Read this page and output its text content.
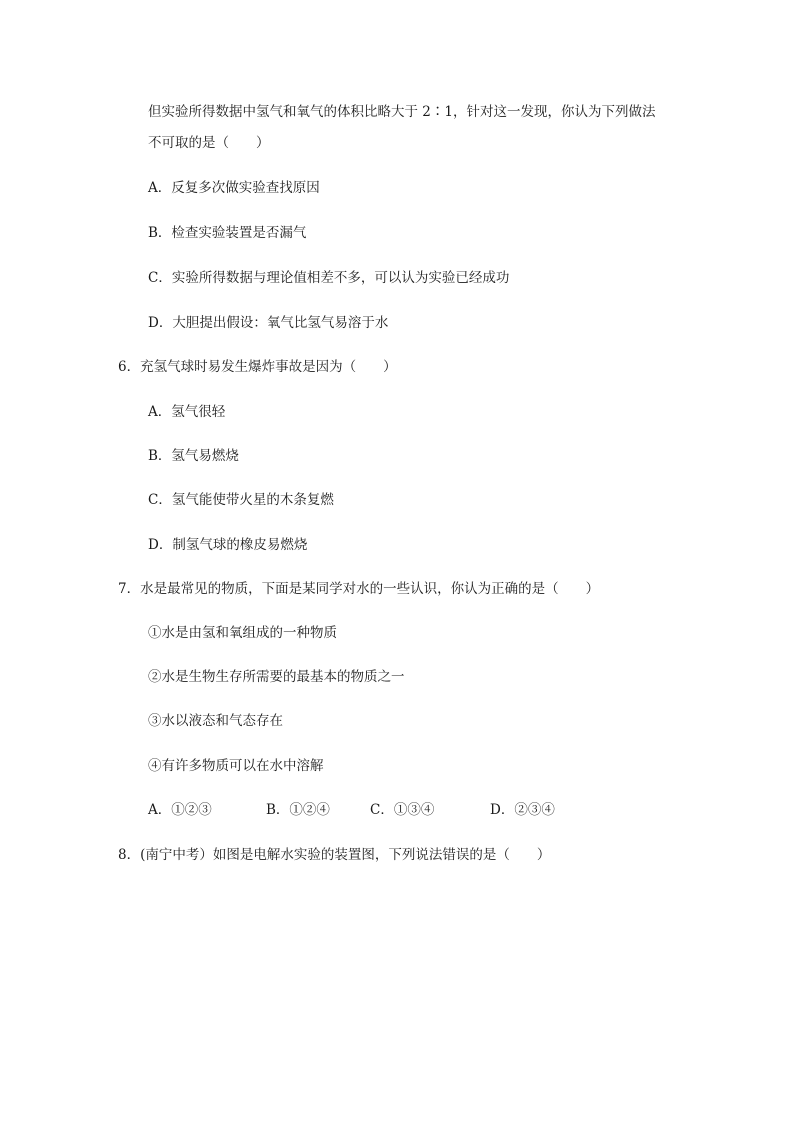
但实验所得数据中氢气和氧气的体积比略大于 2∶1，针对这一发现，你认为下列做法
不可取的是（　　）
A．反复多次做实验查找原因
B．检查实验装置是否漏气
C．实验所得数据与理论值相差不多，可以认为实验已经成功
D．大胆提出假设：氧气比氢气易溶于水
6．充氢气球时易发生爆炸事故是因为（　　）
A．氢气很轻
B．氢气易燃烧
C．氢气能使带火星的木条复燃
D．制氢气球的橡皮易燃烧
7．水是最常见的物质，下面是某同学对水的一些认识，你认为正确的是（　　）
①水是由氢和氧组成的一种物质
②水是生物生存所需要的最基本的物质之一
③水以液态和气态存在
④有许多物质可以在水中溶解
A．①②③	B．①②④	C．①③④	D．②③④
8．(南宁中考）如图是电解水实验的装置图，下列说法错误的是（　　）
